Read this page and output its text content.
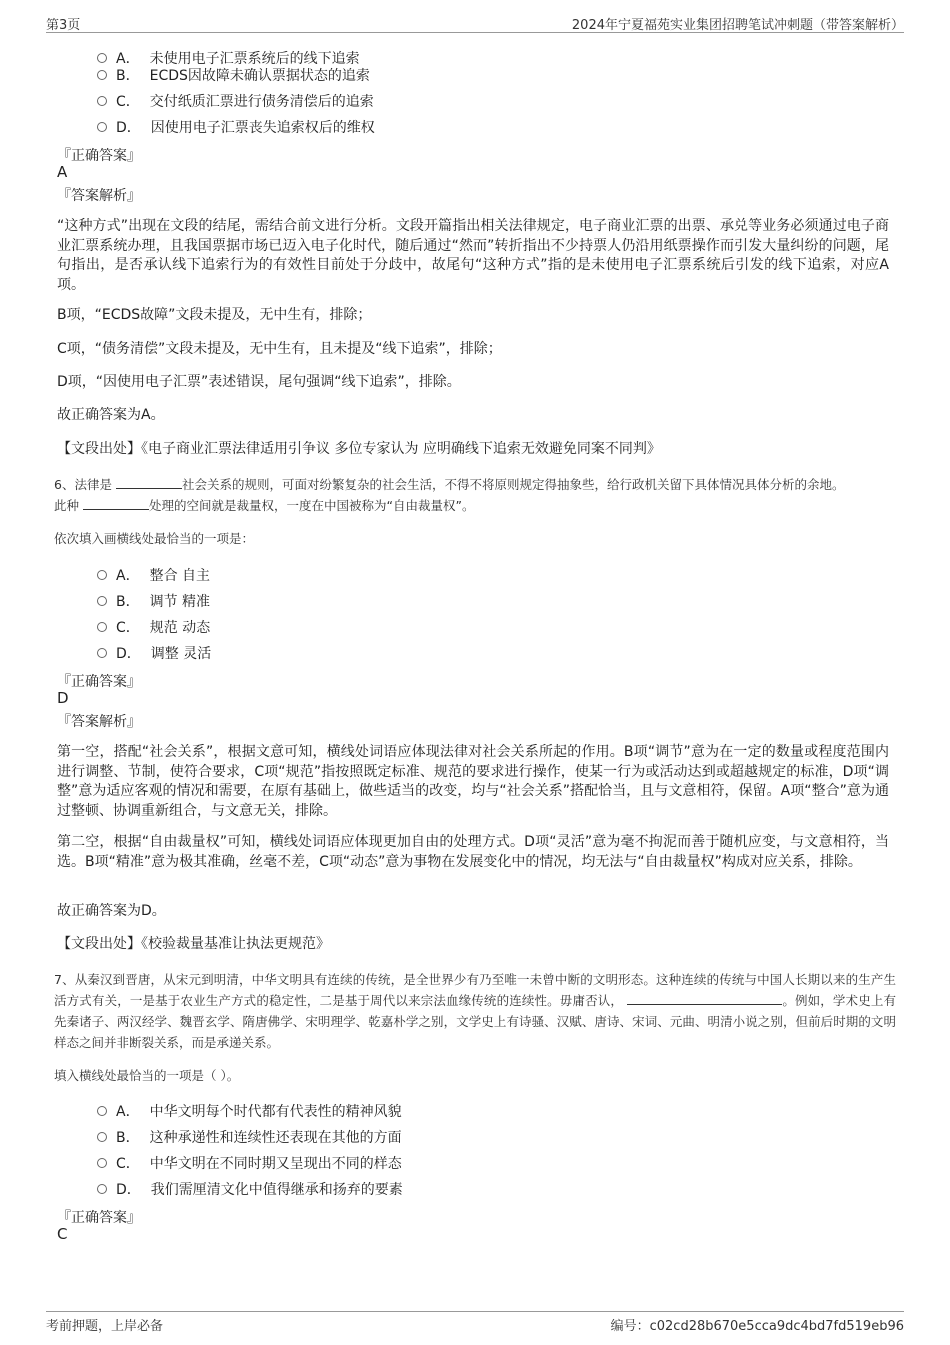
第3页	2024年宁夏福苑实业集团招聘笔试冲刺题（带答案解析）
A． 未使用电子汇票系统后的线下追索
B． ECDS因故障未确认票据状态的追索
C． 交付纸质汇票进行债务清偿后的追索
D． 因使用电子汇票丧失追索权后的维权
『正确答案』
A
『答案解析』
“这种方式”出现在文段的结尾，需结合前文进行分析。文段开篇指出相关法律规定，电子商业汇票的出票、承兑等业务必须通过电子商业汇票系统办理，且我国票据市场已迈入电子化时代，随后通过“然而”转折指出不少持票人仍沿用纸票操作而引发大量纠纷的问题，尾句指出，是否承认线下追索行为的有效性目前处于分歧中，故尾句“这种方式”指的是未使用电子汇票系统后引发的线下追索，对应A项。
B项，“ECDS故障”文段未提及，无中生有，排除；
C项，“债务清偿”文段未提及，无中生有，且未提及“线下追索”，排除；
D项，“因使用电子汇票”表述错误，尾句强调“线下追索”，排除。
故正确答案为A。
【文段出处】《电子商业汇票法律适用引争议 多位专家认为 应明确线下追索无效避免同案不同判》
6、法律是	社会关系的规则，可面对纷繁复杂的社会生活，不得不将原则规定得抽象些，给行政机关留下具体情况具体分析的余地。
此种	处理的空间就是裁量权，一度在中国被称为“自由裁量权”。
依次填入画横线处最恰当的一项是：
A． 整合 自主
B． 调节 精准
C． 规范 动态
D． 调整 灵活
『正确答案』
D
『答案解析』
第一空，搭配“社会关系”，根据文意可知，横线处词语应体现法律对社会关系所起的作用。B项“调节”意为在一定的数量或程度范围内进行调整、节制，使符合要求，C项“规范”指按照既定标准、规范的要求进行操作，使某一行为或活动达到或超越规定的标准，D项“调整”意为适应客观的情况和需要，在原有基础上，做些适当的改变，均与“社会关系”搭配恰当，且与文意相符，保留。A项“整合”意为通过整顿、协调重新组合，与文意无关，排除。
第二空，根据“自由裁量权”可知，横线处词语应体现更加自由的处理方式。D项“灵活”意为毫不拘泥而善于随机应变，与文意相符，当选。B项“精准”意为极其准确，丝毫不差，C项“动态”意为事物在发展变化中的情况，均无法与“自由裁量权”构成对应关系，排除。
故正确答案为D。
【文段出处】《校验裁量基准让执法更规范》
7、从秦汉到晋唐，从宋元到明清，中华文明具有连续的传统，是全世界少有乃至唯一未曾中断的文明形态。这种连续的传统与中国人长期以来的生产生活方式有关，一是基于农业生产方式的稳定性，二是基于周代以来宗法血缘传统的连续性。毋庸否认，	。例如，学术史上有先秦诸子、两汉经学、魏晋玄学、隋唐佛学、宋明理学、乾嘉朴学之别，文学史上有诗骚、汉赋、唐诗、宋词、元曲、明清小说之别，但前后时期的文明样态之间并非断裂关系，而是承递关系。
填入横线处最恰当的一项是（ ）。
A． 中华文明每个时代都有代表性的精神风貌
B． 这种承递性和连续性还表现在其他的方面
C． 中华文明在不同时期又呈现出不同的样态
D． 我们需厘清文化中值得继承和扬弃的要素
『正确答案』
C
考前押题，上岸必备	编号：c02cd28b670e5cca9dc4bd7fd519eb96
